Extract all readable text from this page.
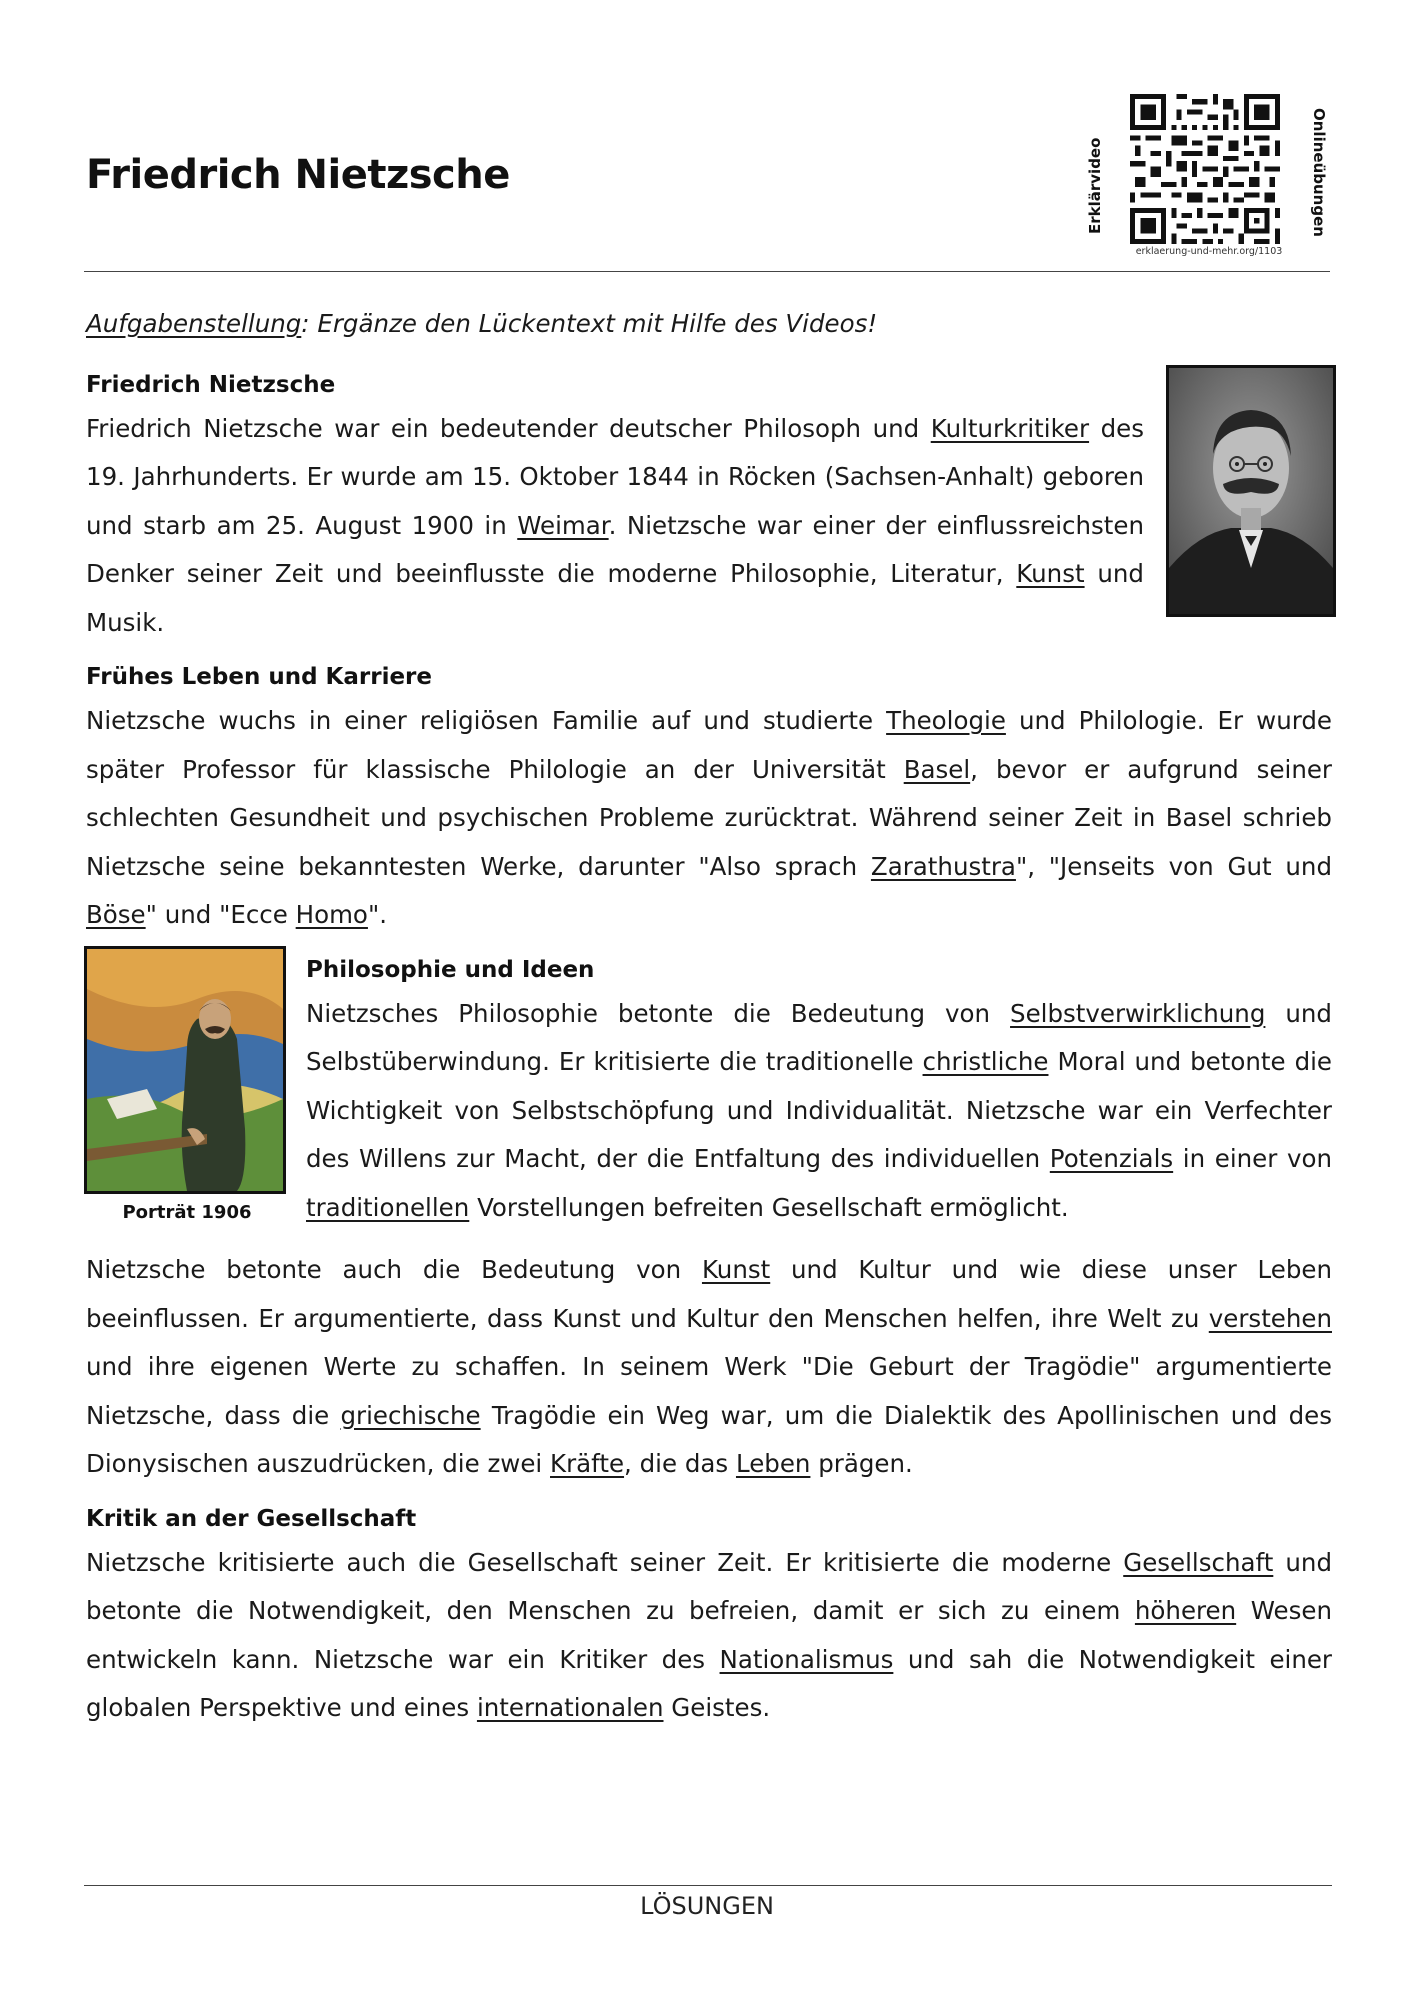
Friedrich Nietzsche	Erklärvideo
erklaerung-und-mehr.org/1103
Onlineübungen

Aufgabenstellung: Ergänze den Lückentext mit Hilfe des Videos!

Friedrich Nietzsche

Friedrich Nietzsche war ein bedeutender deutscher Philosoph und Kulturkritiker des 19. Jahrhunderts. Er wurde am 15. Oktober 1844 in Röcken (Sachsen-Anhalt) geboren und starb am 25. August 1900 in Weimar. Nietzsche war einer der einflussreichsten Denker seiner Zeit und beeinflusste die moderne Philosophie, Literatur, Kunst und Musik.

Frühes Leben und Karriere

Nietzsche wuchs in einer religiösen Familie auf und studierte Theologie und Philologie. Er wurde später Professor für klassische Philologie an der Universität Basel, bevor er aufgrund seiner schlechten Gesundheit und psychischen Probleme zurücktrat. Während seiner Zeit in Basel schrieb Nietzsche seine bekanntesten Werke, darunter "Also sprach Zarathustra", "Jenseits von Gut und Böse" und "Ecce Homo".

Porträt 1906
Philosophie und Ideen

Nietzsches Philosophie betonte die Bedeutung von Selbstverwirklichung und Selbstüberwindung. Er kritisierte die traditionelle christliche Moral und betonte die Wichtigkeit von Selbstschöpfung und Individualität. Nietzsche war ein Verfechter des Willens zur Macht, der die Entfaltung des individuellen Potenzials in einer von traditionellen Vorstellungen befreiten Gesellschaft ermöglicht.

Nietzsche betonte auch die Bedeutung von Kunst und Kultur und wie diese unser Leben beeinflussen. Er argumentierte, dass Kunst und Kultur den Menschen helfen, ihre Welt zu verstehen und ihre eigenen Werte zu schaffen. In seinem Werk "Die Geburt der Tragödie" argumentierte Nietzsche, dass die griechische Tragödie ein Weg war, um die Dialektik des Apollinischen und des Dionysischen auszudrücken, die zwei Kräfte, die das Leben prägen.

Kritik an der Gesellschaft

Nietzsche kritisierte auch die Gesellschaft seiner Zeit. Er kritisierte die moderne Gesellschaft und betonte die Notwendigkeit, den Menschen zu befreien, damit er sich zu einem höheren Wesen entwickeln kann. Nietzsche war ein Kritiker des Nationalismus und sah die Notwendigkeit einer globalen Perspektive und eines internationalen Geistes.

LÖSUNGEN
